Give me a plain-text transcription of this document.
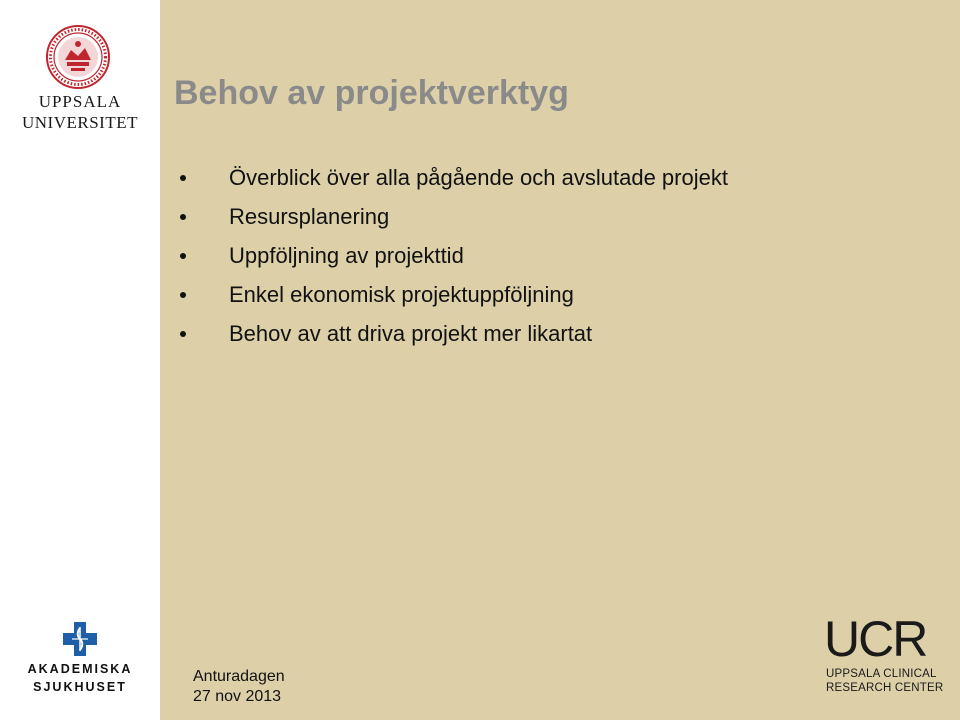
UPPSALA
UNIVERSITET
AKADEMISKA
SJUKHUSET
Behov av projektverktyg
Överblick över alla pågående och avslutade projekt
Resursplanering
Uppföljning av projekttid
Enkel ekonomisk projektuppföljning
Behov av att driva projekt mer likartat
Anturadagen
27 nov 2013
UCR
UPPSALA CLINICAL
RESEARCH CENTER
